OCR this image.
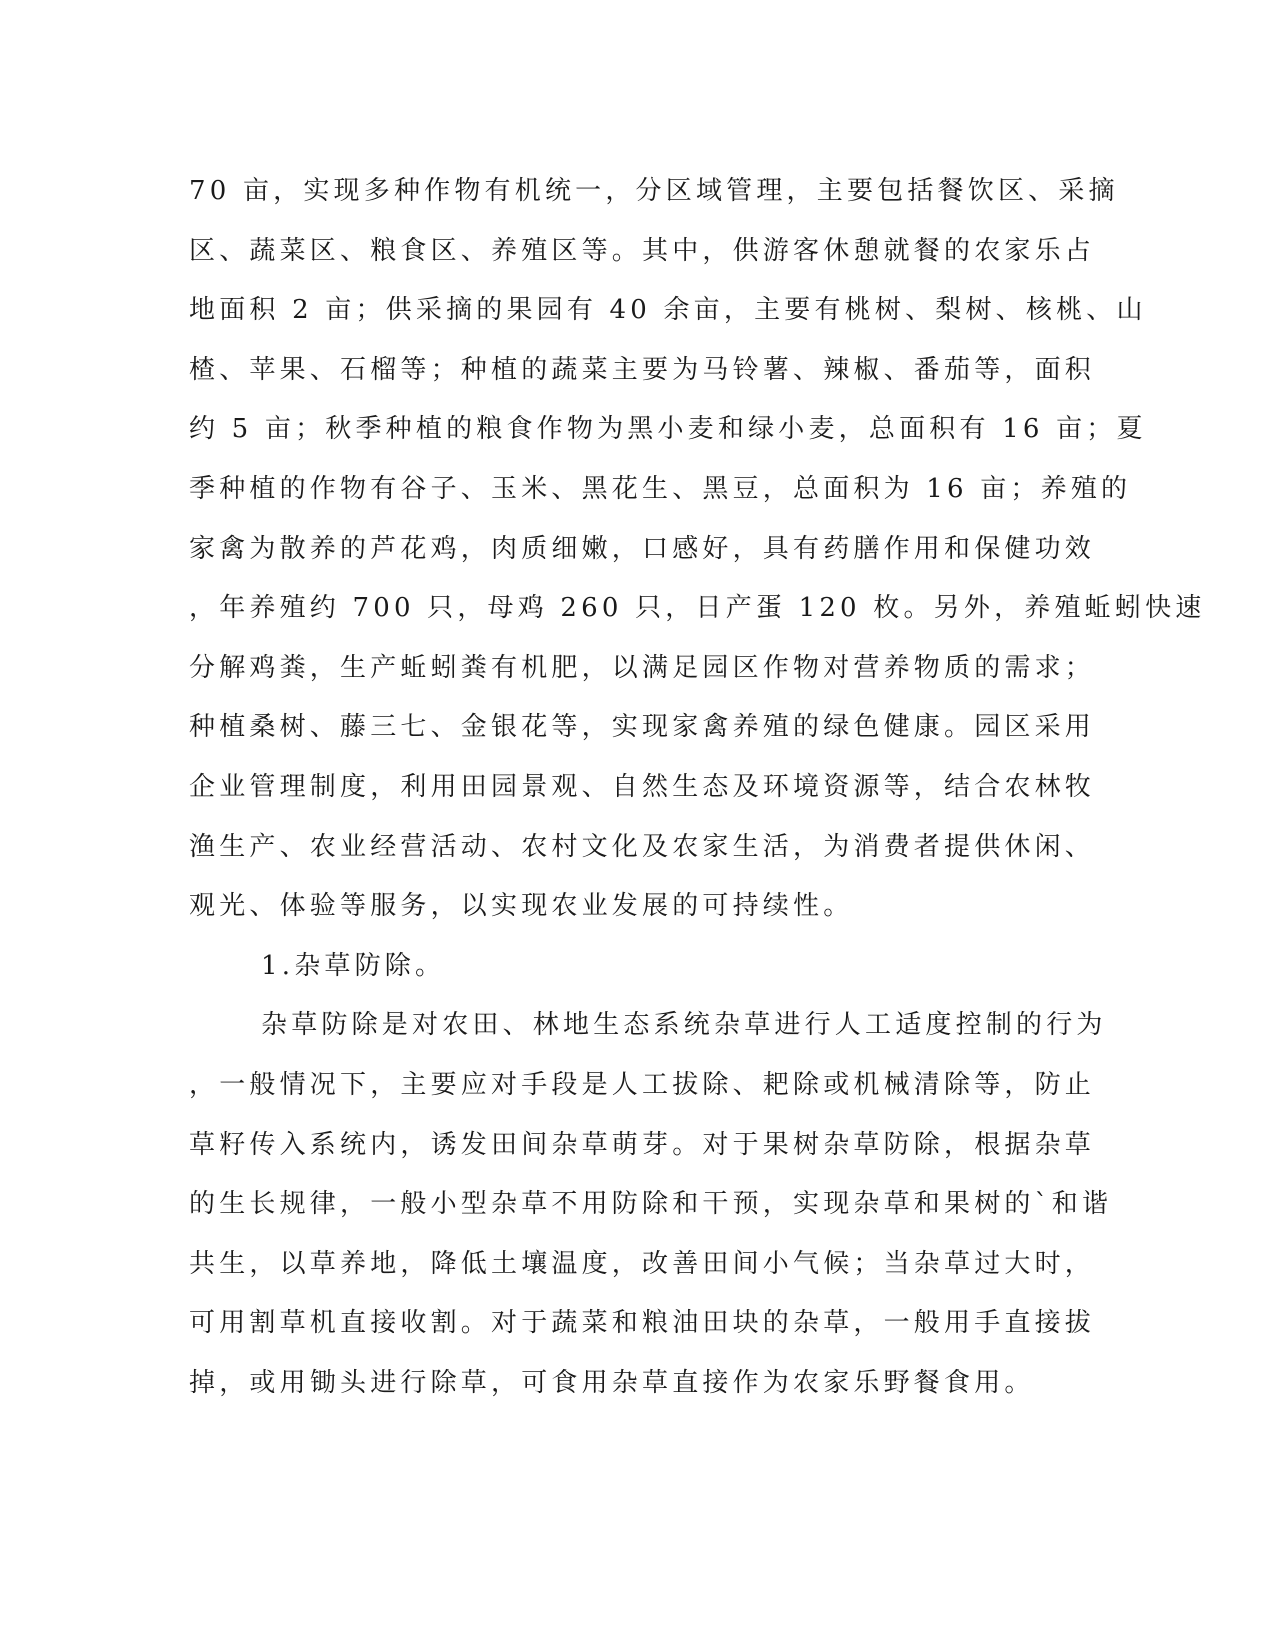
70 亩，实现多种作物有机统一，分区域管理，主要包括餐饮区、采摘
区、蔬菜区、粮食区、养殖区等。其中，供游客休憩就餐的农家乐占
地面积 2 亩；供采摘的果园有 40 余亩，主要有桃树、梨树、核桃、山
楂、苹果、石榴等；种植的蔬菜主要为马铃薯、辣椒、番茄等，面积
约 5 亩；秋季种植的粮食作物为黑小麦和绿小麦，总面积有 16 亩；夏
季种植的作物有谷子、玉米、黑花生、黑豆，总面积为 16 亩；养殖的
家禽为散养的芦花鸡，肉质细嫩，口感好，具有药膳作用和保健功效
，年养殖约 700 只，母鸡 260 只，日产蛋 120 枚。另外，养殖蚯蚓快速
分解鸡粪，生产蚯蚓粪有机肥，以满足园区作物对营养物质的需求；
种植桑树、藤三七、金银花等，实现家禽养殖的绿色健康。园区采用
企业管理制度，利用田园景观、自然生态及环境资源等，结合农林牧
渔生产、农业经营活动、农村文化及农家生活，为消费者提供休闲、
观光、体验等服务，以实现农业发展的可持续性。
1.杂草防除。
杂草防除是对农田、林地生态系统杂草进行人工适度控制的行为
，一般情况下，主要应对手段是人工拔除、耙除或机械清除等，防止
草籽传入系统内，诱发田间杂草萌芽。对于果树杂草防除，根据杂草
的生长规律，一般小型杂草不用防除和干预，实现杂草和果树的`和谐
共生，以草养地，降低土壤温度，改善田间小气候；当杂草过大时，
可用割草机直接收割。对于蔬菜和粮油田块的杂草，一般用手直接拔
掉，或用锄头进行除草，可食用杂草直接作为农家乐野餐食用。
